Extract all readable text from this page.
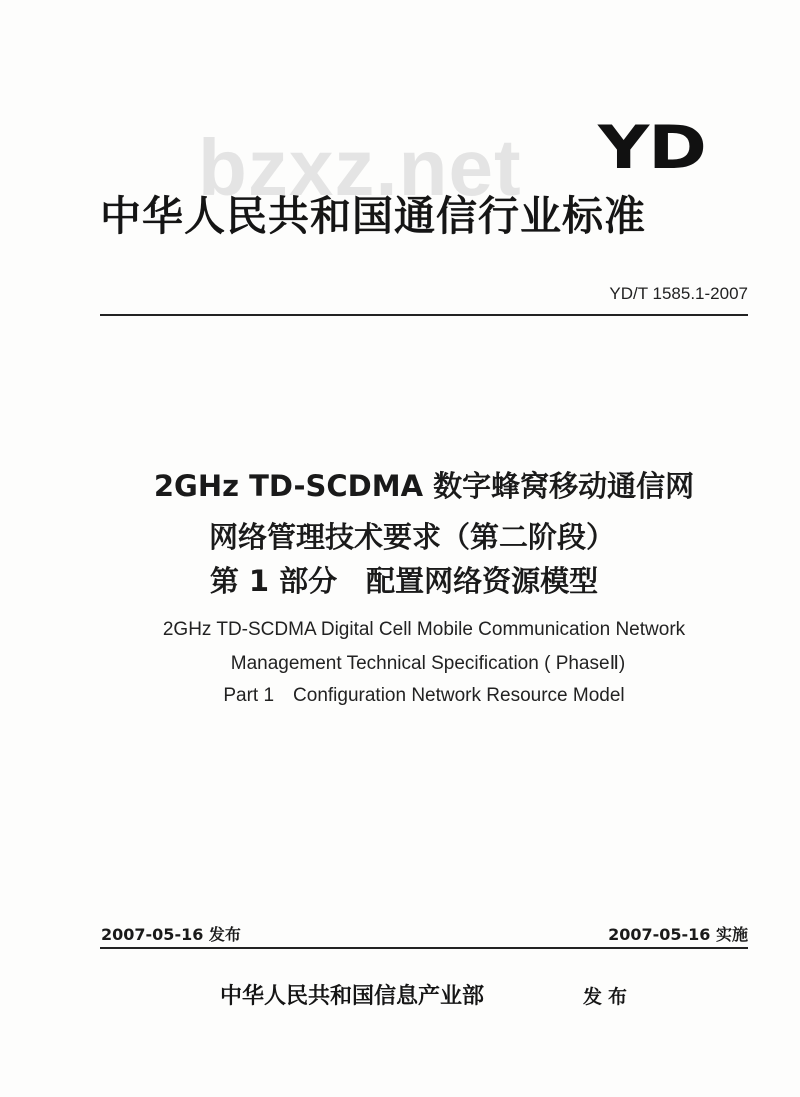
bzxz.net YD
中华人民共和国通信行业标准
YD/T 1585.1-2007
2GHz TD-SCDMA 数字蜂窝移动通信网
网络管理技术要求（第二阶段）
第 1 部分　配置网络资源模型
2GHz TD-SCDMA Digital Cell Mobile Communication Network
Management Technical Specification ( PhaseⅡ)
Part 1　Configuration Network Resource Model
2007-05-16 发布	2007-05-16 实施
中华人民共和国信息产业部	发布
